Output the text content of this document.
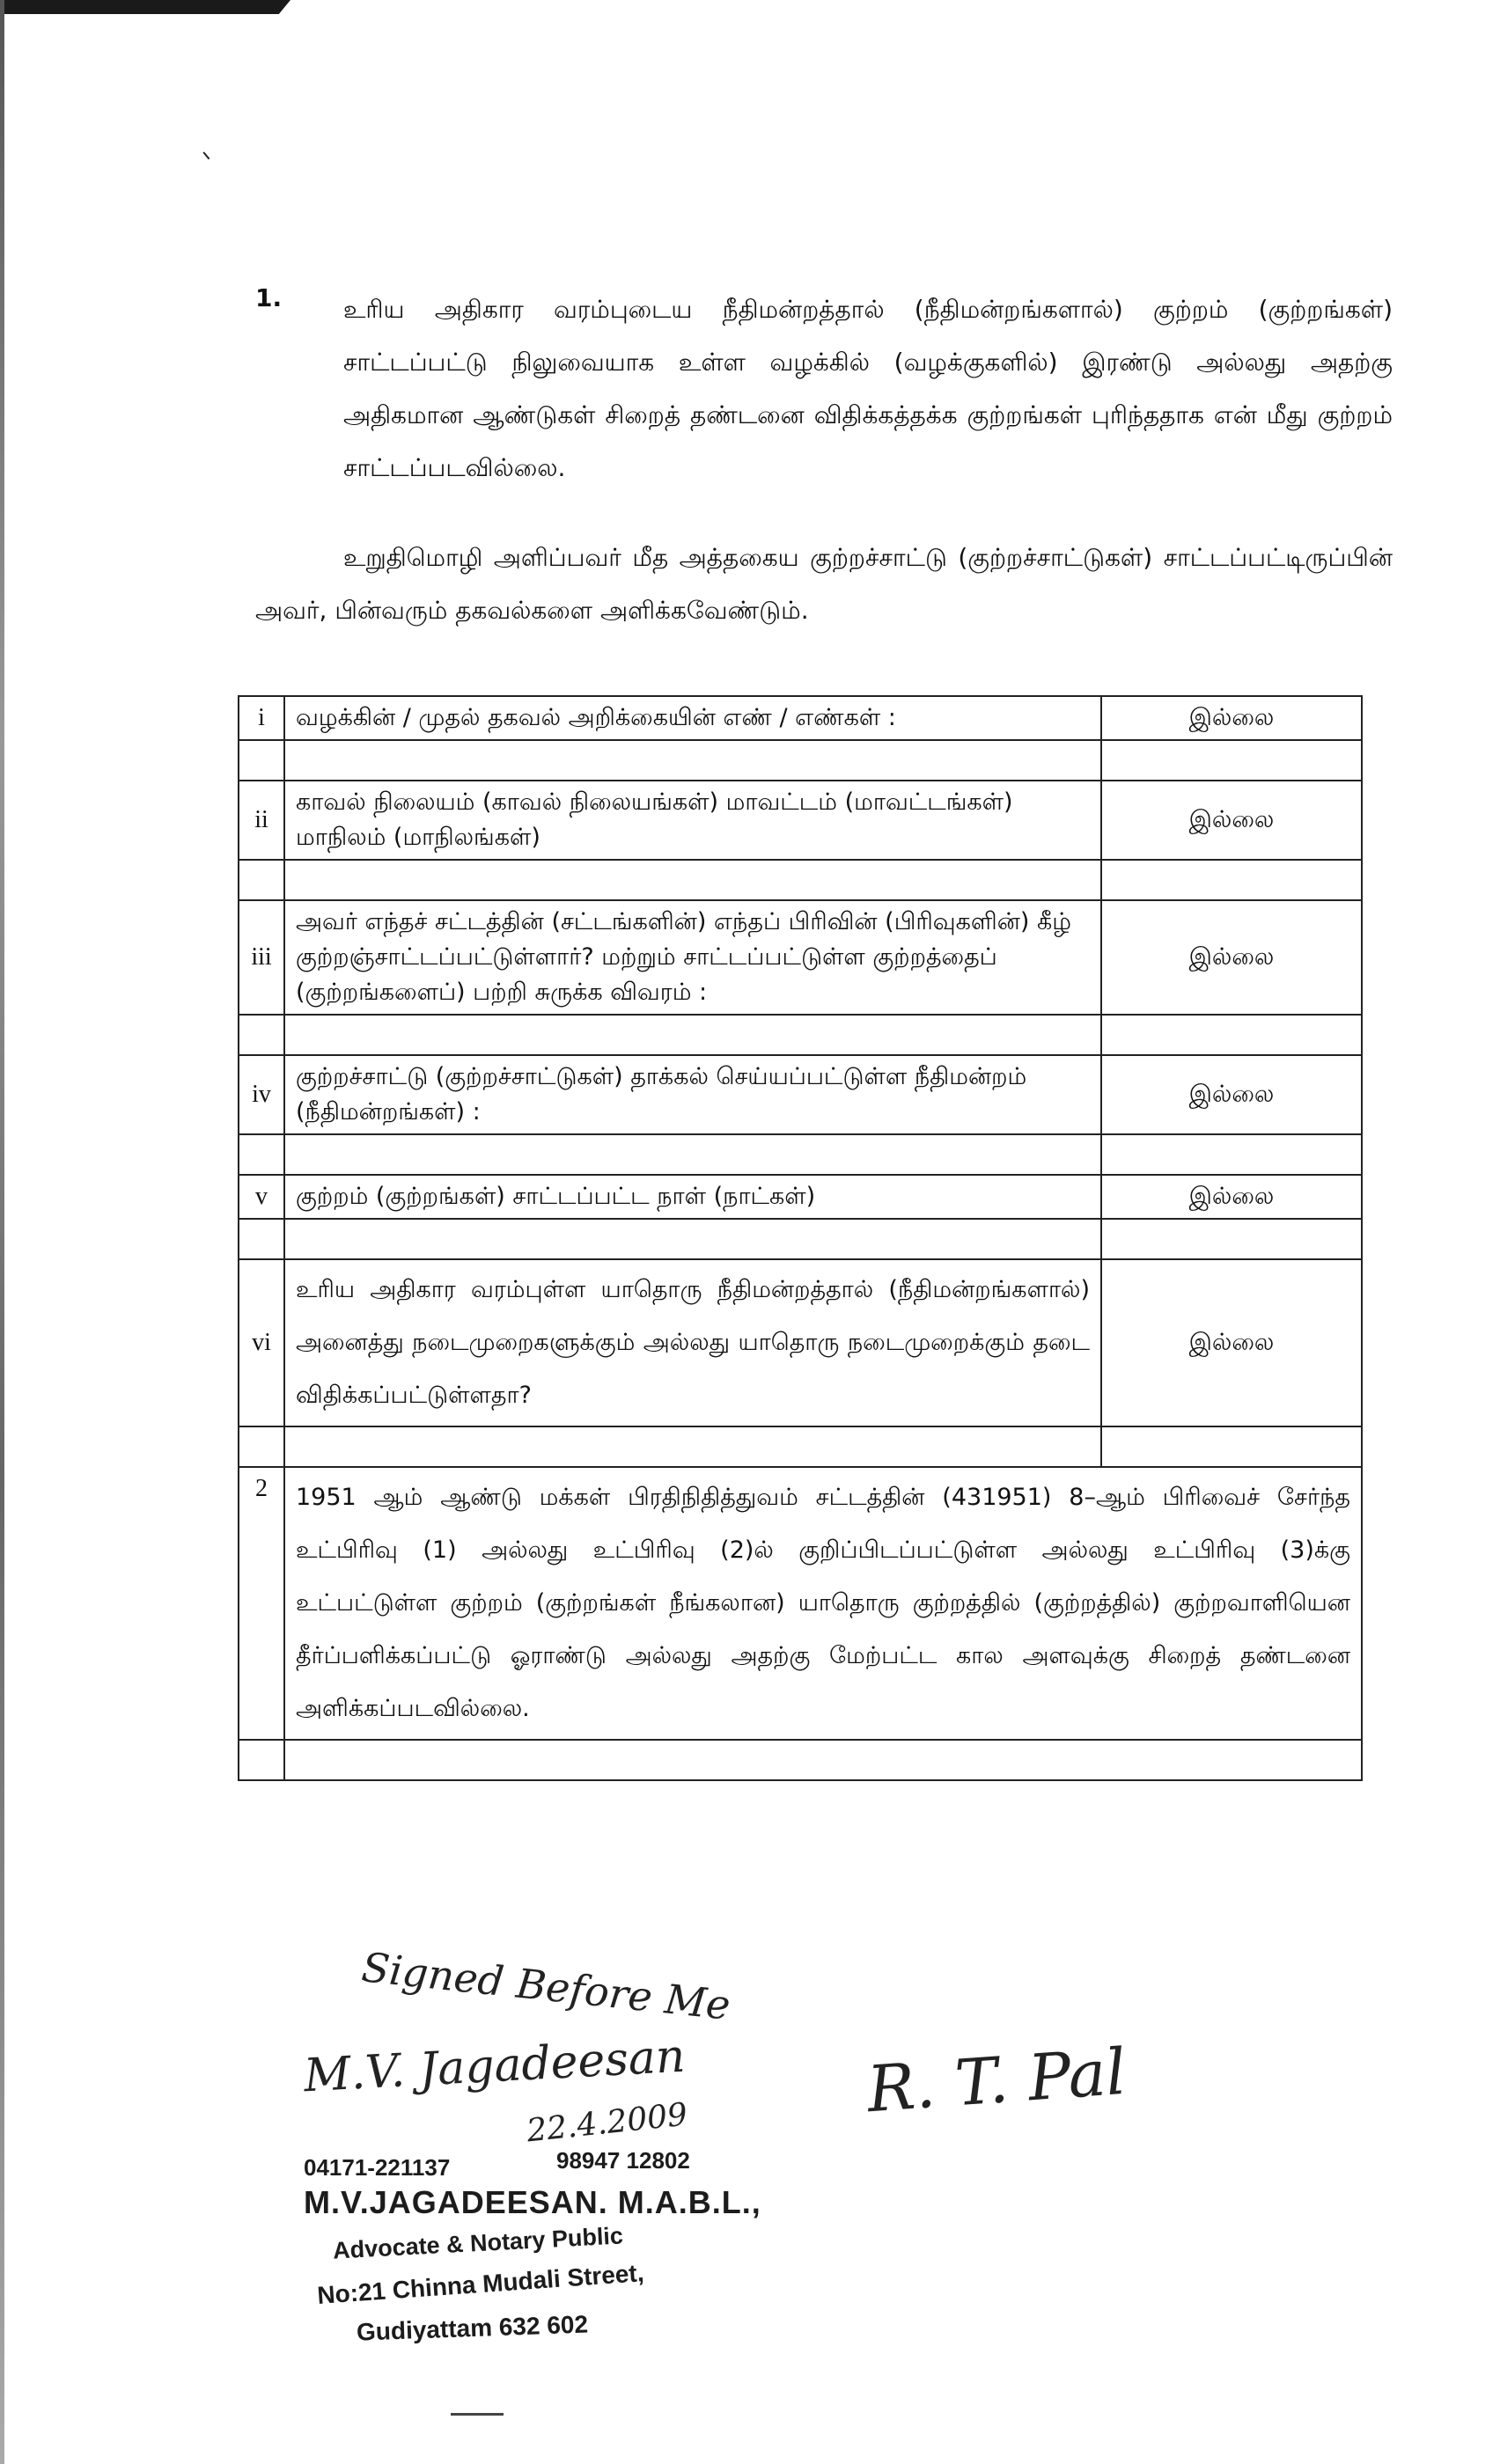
1. உரிய அதிகார வரம்புடைய நீதிமன்றத்தால் (நீதிமன்றங்களால்) குற்றம் (குற்றங்கள்) சாட்டப்பட்டு நிலுவையாக உள்ள வழக்கில் (வழக்குகளில்) இரண்டு அல்லது அதற்கு அதிகமான ஆண்டுகள் சிறைத் தண்டனை விதிக்கத்தக்க குற்றங்கள் புரிந்ததாக என் மீது குற்றம் சாட்டப்படவில்லை.
உறுதிமொழி அளிப்பவர் மீத அத்தகைய குற்றச்சாட்டு (குற்றச்சாட்டுகள்) சாட்டப்பட்டிருப்பின் அவர், பின்வரும் தகவல்களை அளிக்கவேண்டும்.
i	வழக்கின் / முதல் தகவல் அறிக்கையின் எண் / எண்கள் :	இல்லை

ii	காவல் நிலையம் (காவல் நிலையங்கள்) மாவட்டம் (மாவட்டங்கள்) மாநிலம் (மாநிலங்கள்)	இல்லை

iii	அவர் எந்தச் சட்டத்தின் (சட்டங்களின்) எந்தப் பிரிவின் (பிரிவுகளின்) கீழ் குற்றஞ்சாட்டப்பட்டுள்ளார்? மற்றும் சாட்டப்பட்டுள்ள குற்றத்தைப் (குற்றங்களைப்) பற்றி சுருக்க விவரம் :	இல்லை

iv	குற்றச்சாட்டு (குற்றச்சாட்டுகள்) தாக்கல் செய்யப்பட்டுள்ள நீதிமன்றம் (நீதிமன்றங்கள்) :	இல்லை

v	குற்றம் (குற்றங்கள்) சாட்டப்பட்ட நாள் (நாட்கள்)	இல்லை

vi	உரிய அதிகார வரம்புள்ள யாதொரு நீதிமன்றத்தால் (நீதிமன்றங்களால்) அனைத்து நடைமுறைகளுக்கும் அல்லது யாதொரு நடைமுறைக்கும் தடை விதிக்கப்பட்டுள்ளதா?	இல்லை

2	1951 ஆம் ஆண்டு மக்கள் பிரதிநிதித்துவம் சட்டத்தின் (431951) 8–ஆம் பிரிவைச் சேர்ந்த உட்பிரிவு (1) அல்லது உட்பிரிவு (2)ல் குறிப்பிடப்பட்டுள்ள அல்லது உட்பிரிவு (3)க்கு உட்பட்டுள்ள குற்றம் (குற்றங்கள் நீங்கலான) யாதொரு குற்றத்தில் (குற்றத்தில்) குற்றவாளியென தீர்ப்பளிக்கப்பட்டு ஓராண்டு அல்லது அதற்கு மேற்பட்ட கால அளவுக்கு சிறைத் தண்டனை அளிக்கப்படவில்லை.	

Signed Before Me
M.V. Jagadeesan
22.4.2009	R. T. Pal
04171-221137	98947 12802
M.V.JAGADEESAN. M.A.B.L.,
Advocate & Notary Public
No:21 Chinna Mudali Street,
Gudiyattam 632 602
